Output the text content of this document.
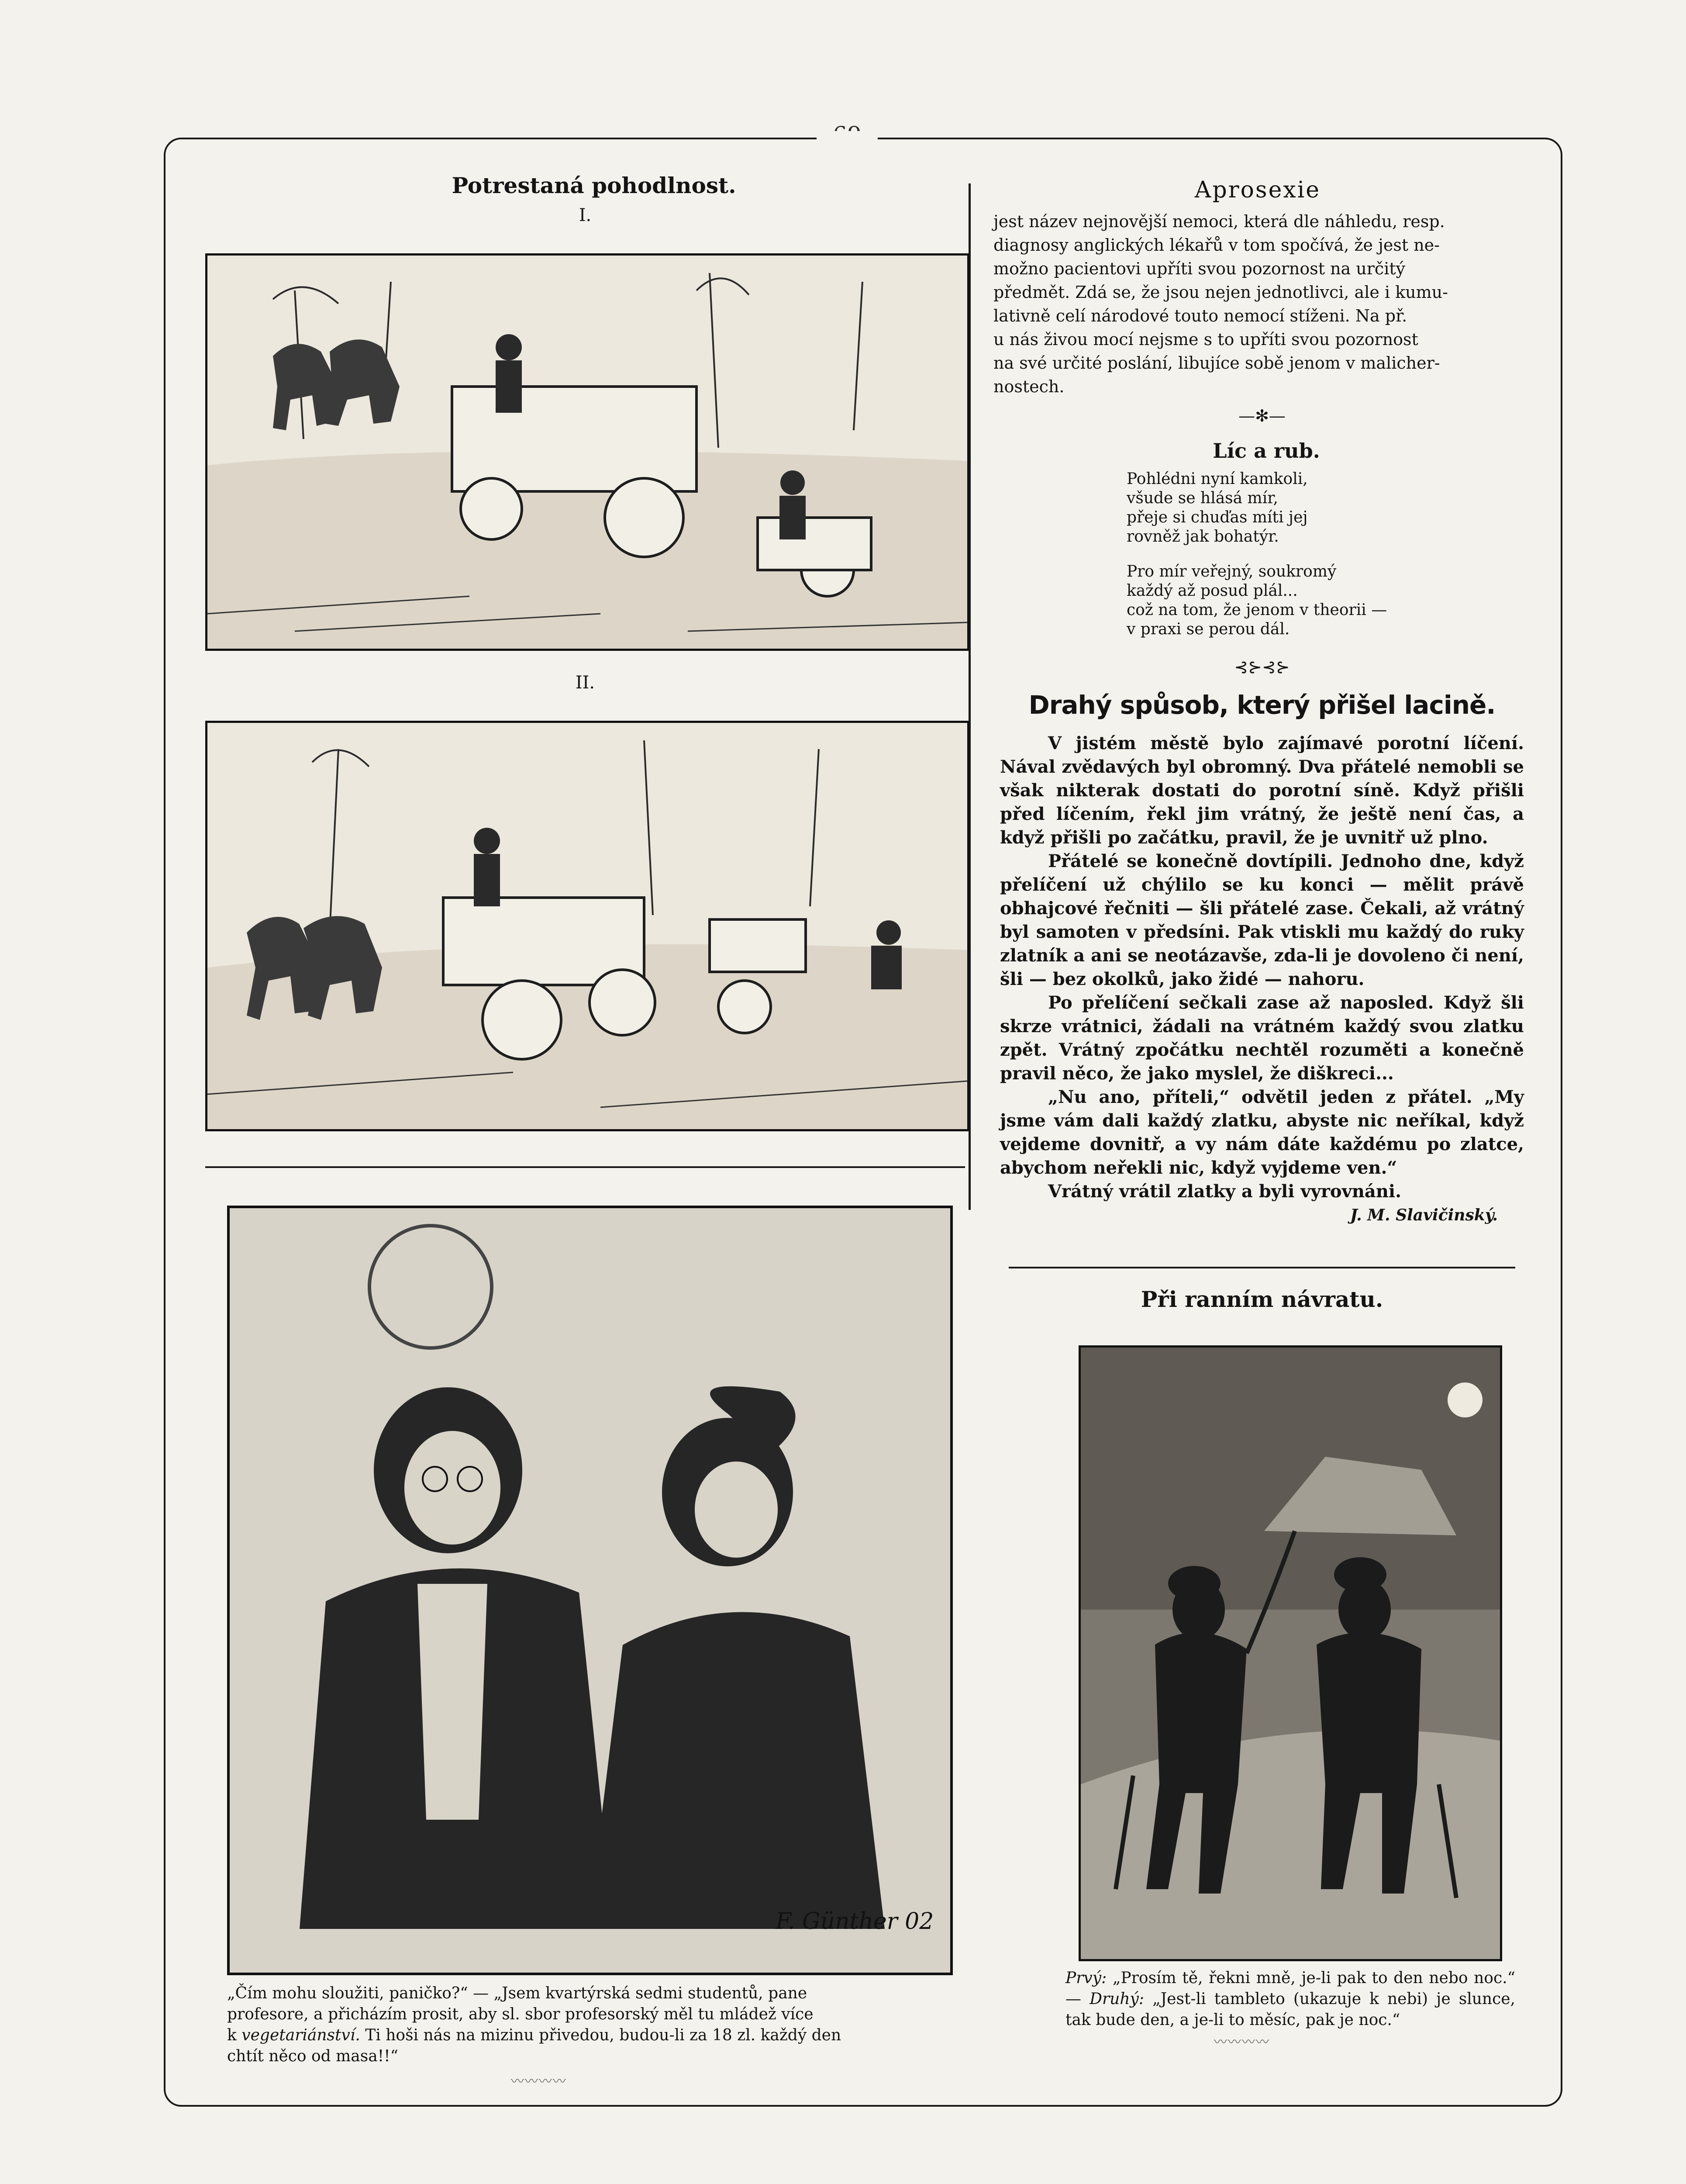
Potrestaná pohodlnost.
I.
II.
F. Günther 02
„Čím mohu sloužiti, paničko?“ — „Jsem kvartýrská sedmi studentů, pane
profesore, a přicházím prosit, aby sl. sbor profesorský měl tu mládež více
k vegetariánství. Ti hoši nás na mizinu přivedou, budou-li za 18 zl. každý den
chtít něco od masa!!“
〰〰〰〰
Aprosexie
jest název nejnovější nemoci, která dle náhledu, resp.
diagnosy anglických lékařů v tom spočívá, že jest ne-
možno pacientovi upříti svou pozornost na určitý
předmět. Zdá se, že jsou nejen jednotlivci, ale i kumu-
lativně celí národové touto nemocí stíženi. Na př.
u nás živou mocí nejsme s to upříti svou pozornost
na své určité poslání, libujíce sobě jenom v malicher-
nostech.
—✻—
Líc a rub.
Pohlédni nyní kamkoli,
všude se hlásá mír,
přeje si chuďas míti jej
rovněž jak bohatýr.
Pro mír veřejný, soukromý
každý až posud plál...
což na tom, že jenom v theorii —
v praxi se perou dál.
⊰⊱⊰⊱
Drahý spůsob, který přišel lacině.

V jistém městě bylo zajímavé porotní líčení. Nával zvědavých byl obromný. Dva přátelé nemobli se však nikterak dostati do porotní síně. Když přišli před líčením, řekl jim vrátný, že ještě není čas, a když přišli po začátku, pravil, že je uvnitř už plno.

Přátelé se konečně dovtípili. Jednoho dne, když přelíčení už chýlilo se ku konci — mělit právě obhajcové řečniti — šli přátelé zase. Čekali, až vrátný byl samoten v předsíni. Pak vtiskli mu každý do ruky zlatník a ani se neotázavše, zda-li je dovoleno či není, šli — bez okolků, jako židé — nahoru.

Po přelíčení sečkali zase až naposled. Když šli skrze vrátnici, žádali na vrátném každý svou zlatku zpět. Vrátný zpočátku nechtěl rozuměti a konečně pravil něco, že jako myslel, že diškreci...

„Nu ano, příteli,“ odvětil jeden z přátel. „My jsme vám dali každý zlatku, abyste nic neříkal, když vejdeme dovnitř, a vy nám dáte každému po zlatce, abychom neřekli nic, když vyjdeme ven.“

Vrátný vrátil zlatky a byli vyrovnáni.

J. M. Slavičinský.
Při ranním návratu.
Prvý: „Prosím tě, řekni mně, je-li pak to den nebo noc.“ — Druhý: „Jest-li tambleto (ukazuje k nebi) je slunce, tak bude den, a je-li to měsíc, pak je noc.“
〰〰〰〰
